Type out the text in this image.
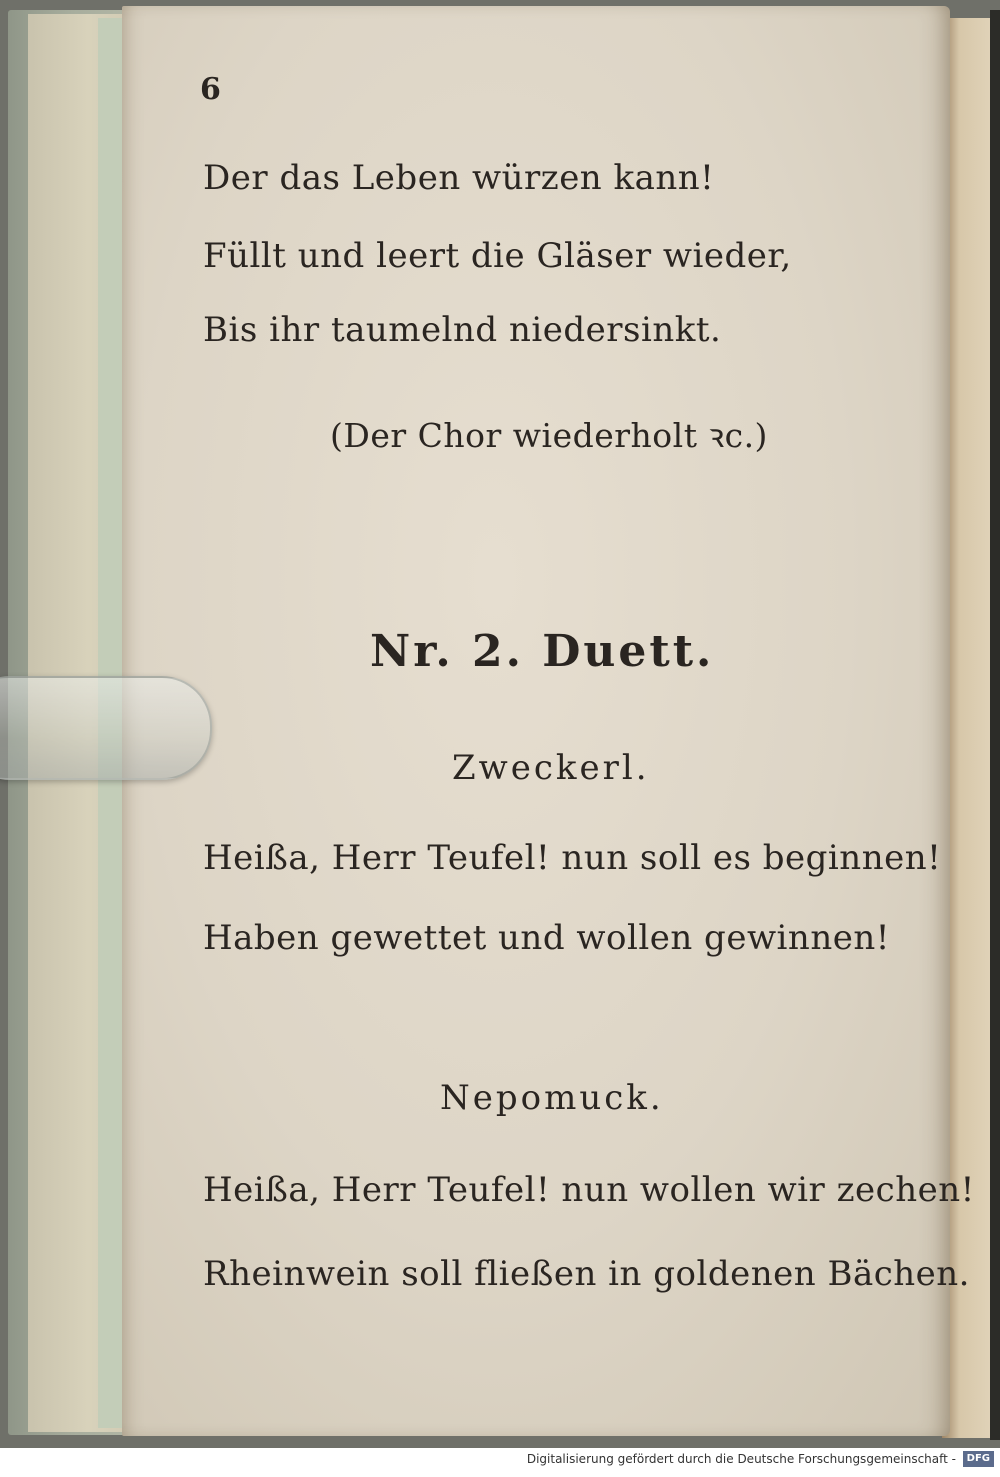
6
Der das Leben würzen kann!
Füllt und leert die Gläser wieder,
Bis ihr taumelnd niedersinkt.
(Der Chor wiederholt ꝛc.)
Nr. 2. Duett.
Zweckerl.
Heißa, Herr Teufel! nun soll es beginnen!
Haben gewettet und wollen gewinnen!
Nepomuck.
Heißa, Herr Teufel! nun wollen wir zechen!
Rheinwein soll fließen in goldenen Bächen.
Digitalisierung gefördert durch die Deutsche Forschungsgemeinschaft -	DFG
